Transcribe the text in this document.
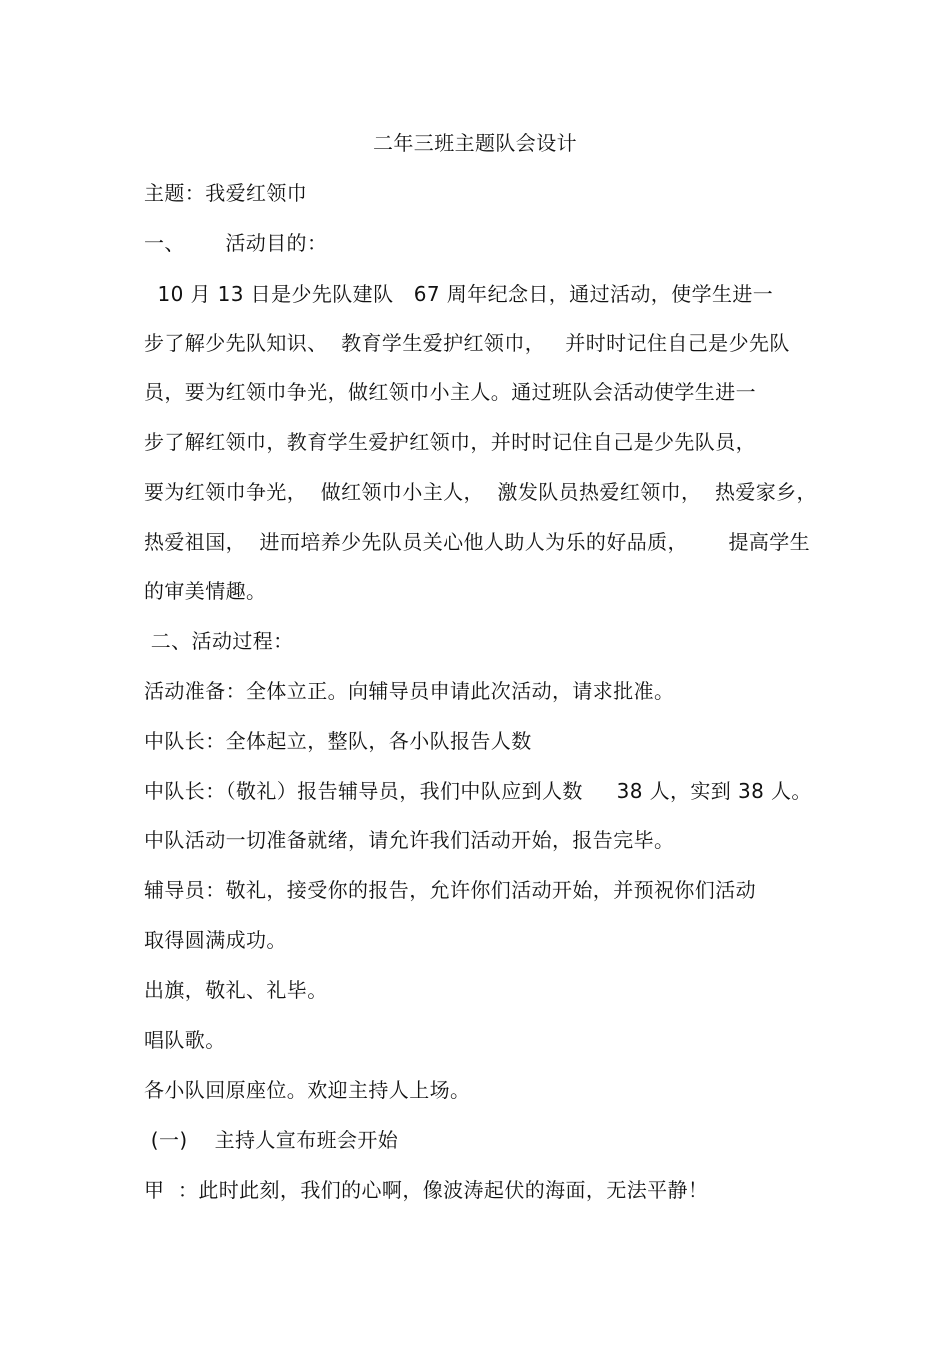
二年三班主题队会设计
主题：我爱红领巾
一、      活动目的：
10 月 13 日是少先队建队   67 周年纪念日，通过活动，使学生进一
步了解少先队知识、  教育学生爱护红领巾，   并时时记住自己是少先队
员，要为红领巾争光，做红领巾小主人。通过班队会活动使学生进一
步了解红领巾，教育学生爱护红领巾，并时时记住自己是少先队员，
要为红领巾争光，  做红领巾小主人，  激发队员热爱红领巾，  热爱家乡，
热爱祖国，  进而培养少先队员关心他人助人为乐的好品质，      提高学生
的审美情趣。
二、活动过程：
活动准备：全体立正。向辅导员申请此次活动，请求批准。
中队长：全体起立，整队，各小队报告人数
中队长：（敬礼）报告辅导员，我们中队应到人数     38 人，实到 38 人。
中队活动一切准备就绪，请允许我们活动开始，报告完毕。
辅导员：敬礼，接受你的报告，允许你们活动开始，并预祝你们活动
取得圆满成功。
出旗，敬礼、礼毕。
唱队歌。
各小队回原座位。欢迎主持人上场。
(一)    主持人宣布班会开始
甲  ：此时此刻，我们的心啊，像波涛起伏的海面，无法平静！
